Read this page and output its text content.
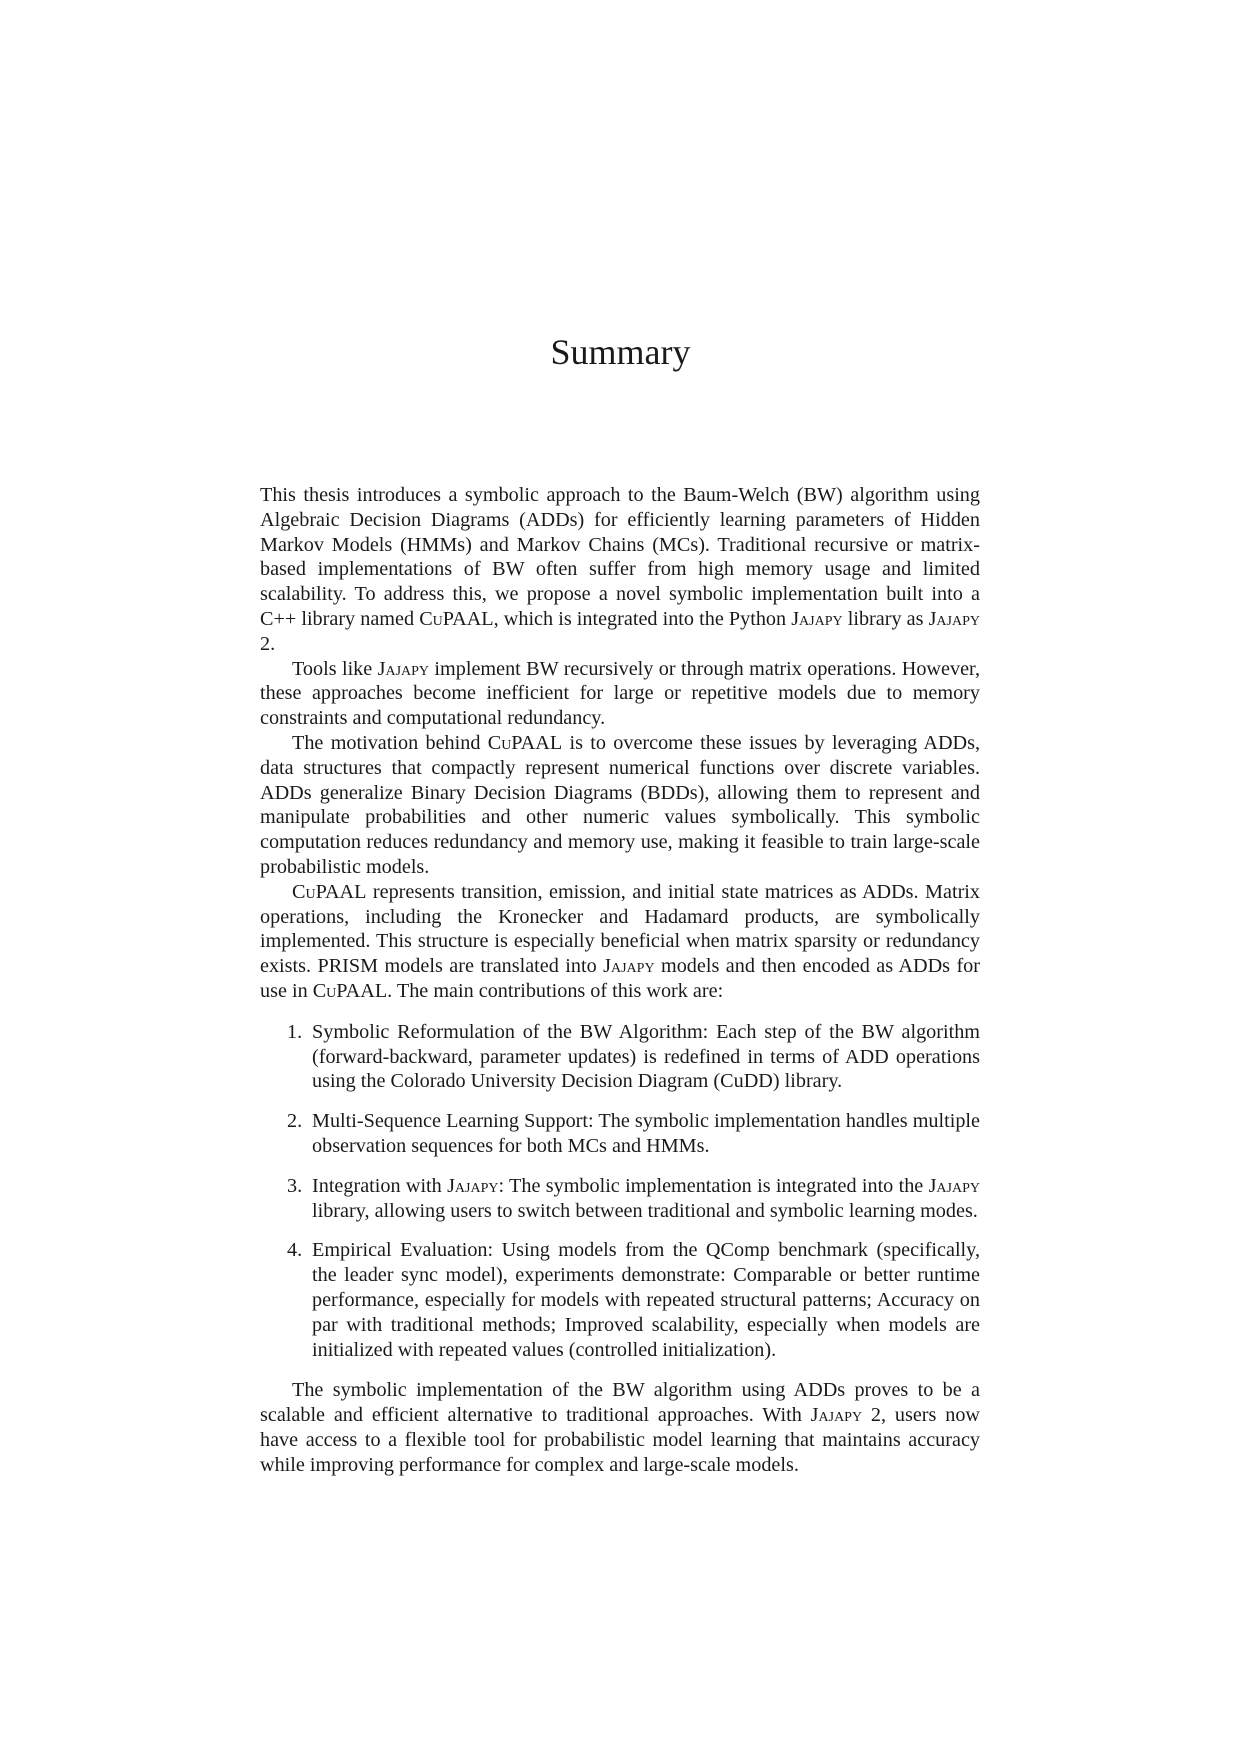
Summary

This thesis introduces a symbolic approach to the Baum-Welch (BW) algorithm using Algebraic Decision Diagrams (ADDs) for efficiently learning parameters of Hidden Markov Models (HMMs) and Markov Chains (MCs). Traditional recursive or matrix-based implementations of BW often suffer from high memory usage and limited scalability. To address this, we propose a novel symbolic implementation built into a C++ library named CuPAAL, which is integrated into the Python Jajapy library as Jajapy 2.

Tools like Jajapy implement BW recursively or through matrix operations. However, these approaches become inefficient for large or repetitive models due to memory constraints and computational redundancy.

The motivation behind CuPAAL is to overcome these issues by leveraging ADDs, data structures that compactly represent numerical functions over discrete variables. ADDs generalize Binary Decision Diagrams (BDDs), allowing them to represent and manipulate probabilities and other numeric values symbolically. This symbolic computation reduces redundancy and memory use, making it feasible to train large-scale probabilistic models.

CuPAAL represents transition, emission, and initial state matrices as ADDs. Matrix operations, including the Kronecker and Hadamard products, are symbolically implemented. This structure is especially beneficial when matrix sparsity or redundancy exists. PRISM models are translated into Jajapy models and then encoded as ADDs for use in CuPAAL. The main contributions of this work are:

1. Symbolic Reformulation of the BW Algorithm: Each step of the BW algorithm (forward-backward, parameter updates) is redefined in terms of ADD operations using the Colorado University Decision Diagram (CuDD) library.
2. Multi-Sequence Learning Support: The symbolic implementation handles multiple observation sequences for both MCs and HMMs.
3. Integration with Jajapy: The symbolic implementation is integrated into the Jajapy library, allowing users to switch between traditional and symbolic learning modes.
4. Empirical Evaluation: Using models from the QComp benchmark (specifically, the leader sync model), experiments demonstrate: Comparable or better runtime performance, especially for models with repeated structural patterns; Accuracy on par with traditional methods; Improved scalability, especially when models are initialized with repeated values (controlled initialization).

The symbolic implementation of the BW algorithm using ADDs proves to be a scalable and efficient alternative to traditional approaches. With Jajapy 2, users now have access to a flexible tool for probabilistic model learning that maintains accuracy while improving performance for complex and large-scale models.
